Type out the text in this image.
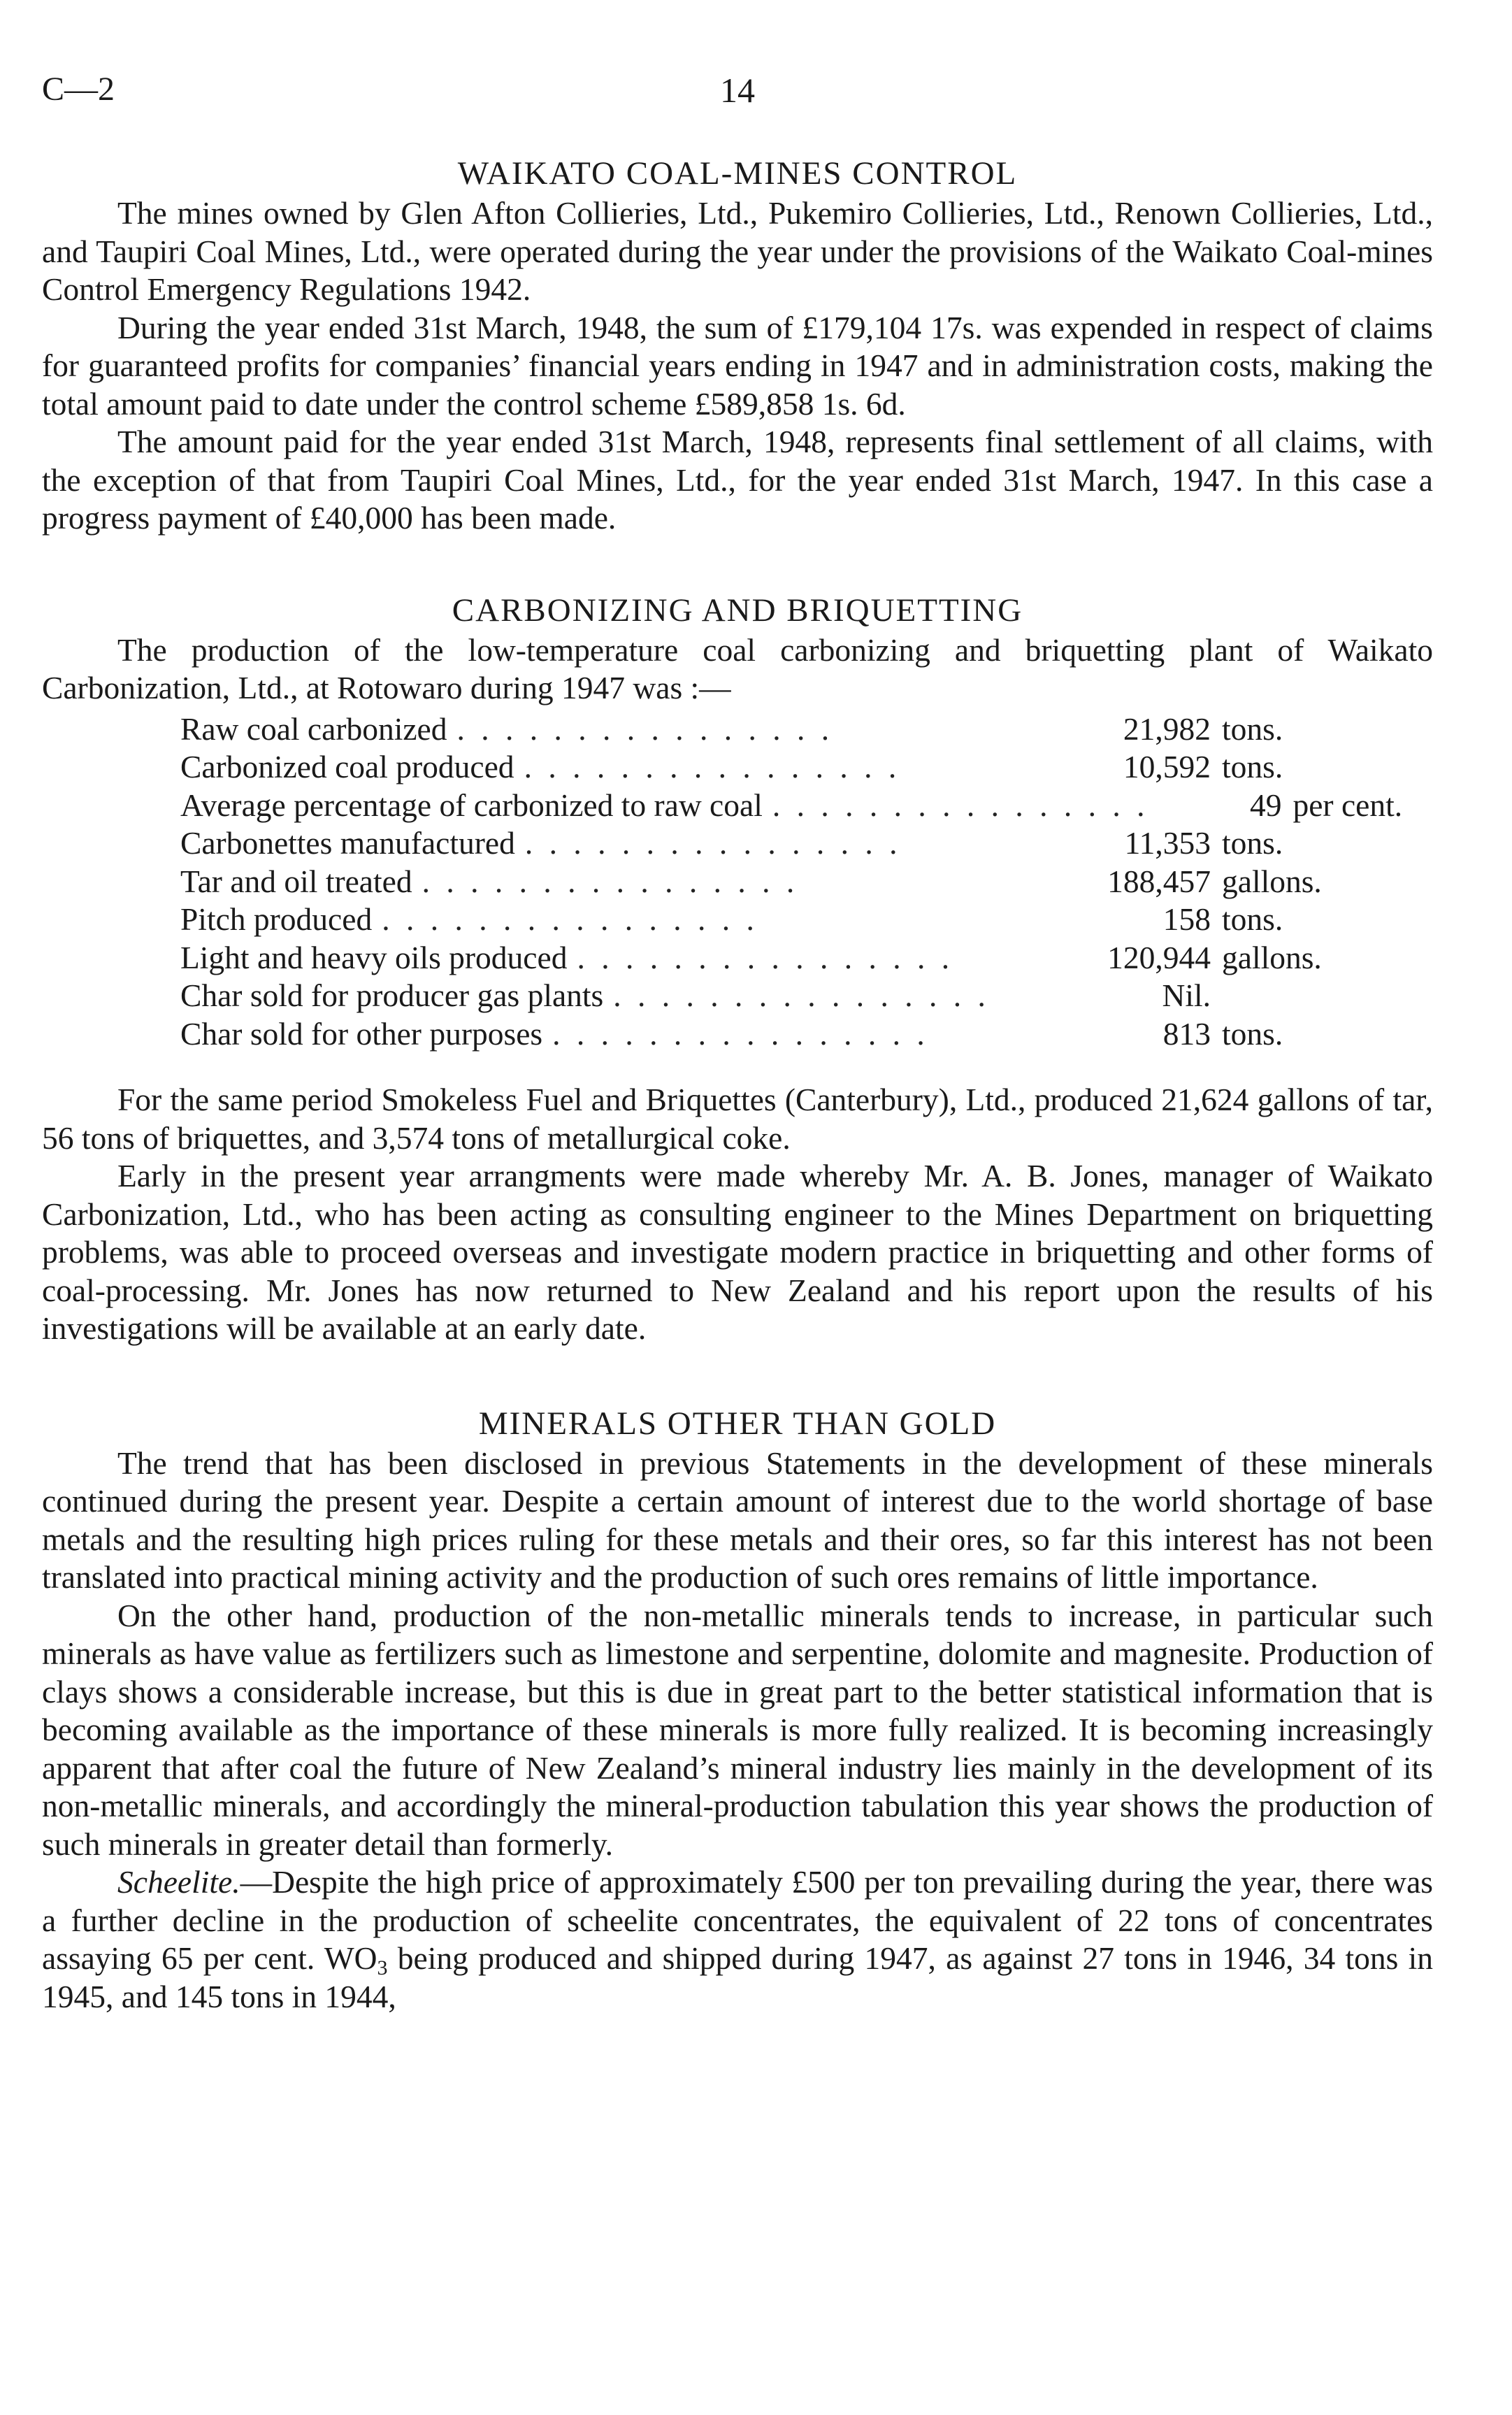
C—2	14
WAIKATO COAL-MINES CONTROL

The mines owned by Glen Afton Collieries, Ltd., Pukemiro Collieries, Ltd., Renown Collieries, Ltd., and Taupiri Coal Mines, Ltd., were operated during the year under the provisions of the Waikato Coal-mines Control Emergency Regulations 1942.

During the year ended 31st March, 1948, the sum of £179,104 17s. was expended in respect of claims for guaranteed profits for companies’ financial years ending in 1947 and in administration costs, making the total amount paid to date under the control scheme £589,858 1s. 6d.

The amount paid for the year ended 31st March, 1948, represents final settlement of all claims, with the exception of that from Taupiri Coal Mines, Ltd., for the year ended 31st March, 1947. In this case a progress payment of £40,000 has been made.

CARBONIZING AND BRIQUETTING

The production of the low-temperature coal carbonizing and briquetting plant of Waikato Carbonization, Ltd., at Rotowaro during 1947 was :—

Raw coal carbonized . . . . . . . . . . . . . . . .	21,982 tons.
Carbonized coal produced . . . . . . . . . . . . . . . .	10,592 tons.
Average percentage of carbonized to raw coal . . . . . . . . . . . . . . . .	49 per cent.
Carbonettes manufactured . . . . . . . . . . . . . . . .	11,353 tons.
Tar and oil treated . . . . . . . . . . . . . . . .	188,457 gallons.
Pitch produced . . . . . . . . . . . . . . . .	158 tons.
Light and heavy oils produced . . . . . . . . . . . . . . . .	120,944 gallons.
Char sold for producer gas plants . . . . . . . . . . . . . . . .	Nil.
Char sold for other purposes . . . . . . . . . . . . . . . .	813 tons.

For the same period Smokeless Fuel and Briquettes (Canterbury), Ltd., produced 21,624 gallons of tar, 56 tons of briquettes, and 3,574 tons of metallurgical coke.

Early in the present year arrangments were made whereby Mr. A. B. Jones, manager of Waikato Carbonization, Ltd., who has been acting as consulting engineer to the Mines Department on briquetting problems, was able to proceed overseas and investigate modern practice in briquetting and other forms of coal-processing. Mr. Jones has now returned to New Zealand and his report upon the results of his investigations will be available at an early date.

MINERALS OTHER THAN GOLD

The trend that has been disclosed in previous Statements in the development of these minerals continued during the present year. Despite a certain amount of interest due to the world shortage of base metals and the resulting high prices ruling for these metals and their ores, so far this interest has not been translated into practical mining activity and the production of such ores remains of little importance.

On the other hand, production of the non-metallic minerals tends to increase, in particular such minerals as have value as fertilizers such as limestone and serpentine, dolomite and magnesite. Production of clays shows a considerable increase, but this is due in great part to the better statistical information that is becoming available as the importance of these minerals is more fully realized. It is becoming increasingly apparent that after coal the future of New Zealand’s mineral industry lies mainly in the development of its non-metallic minerals, and accordingly the mineral-production tabulation this year shows the production of such minerals in greater detail than formerly.

Scheelite.—Despite the high price of approximately £500 per ton prevailing during the year, there was a further decline in the production of scheelite concentrates, the equivalent of 22 tons of concentrates assaying 65 per cent. $WO_3$ being produced and shipped during 1947, as against 27 tons in 1946, 34 tons in 1945, and 145 tons in 1944,
